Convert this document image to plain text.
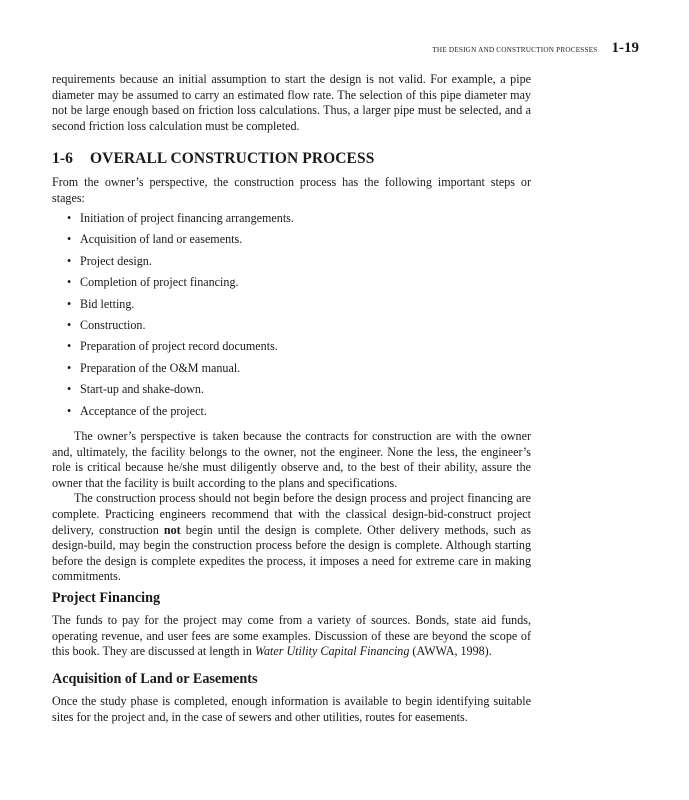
THE DESIGN AND CONSTRUCTION PROCESSES 1-19

requirements because an initial assumption to start the design is not valid. For example, a pipe diameter may be assumed to carry an estimated flow rate. The selection of this pipe diameter may not be large enough based on friction loss calculations. Thus, a larger pipe must be selected, and a second friction loss calculation must be completed.

1-6 OVERALL CONSTRUCTION PROCESS

From the owner’s perspective, the construction process has the following important steps or stages:

• Initiation of project financing arrangements.
• Acquisition of land or easements.
• Project design.
• Completion of project financing.
• Bid letting.
• Construction.
• Preparation of project record documents.
• Preparation of the O&M manual.
• Start-up and shake-down.
• Acceptance of the project.

The owner’s perspective is taken because the contracts for construction are with the owner and, ultimately, the facility belongs to the owner, not the engineer. None the less, the engineer’s role is critical because he/she must diligently observe and, to the best of their ability, assure the owner that the facility is built according to the plans and specifications.

The construction process should not begin before the design process and project financing are complete. Practicing engineers recommend that with the classical design-bid-construct project delivery, construction not begin until the design is complete. Other delivery methods, such as design-build, may begin the construction process before the design is complete. Although starting before the design is complete expedites the process, it imposes a need for extreme care in making commitments.

Project Financing

The funds to pay for the project may come from a variety of sources. Bonds, state aid funds, operating revenue, and user fees are some examples. Discussion of these are beyond the scope of this book. They are discussed at length in Water Utility Capital Financing (AWWA, 1998).

Acquisition of Land or Easements

Once the study phase is completed, enough information is available to begin identifying suitable sites for the project and, in the case of sewers and other utilities, routes for easements.
